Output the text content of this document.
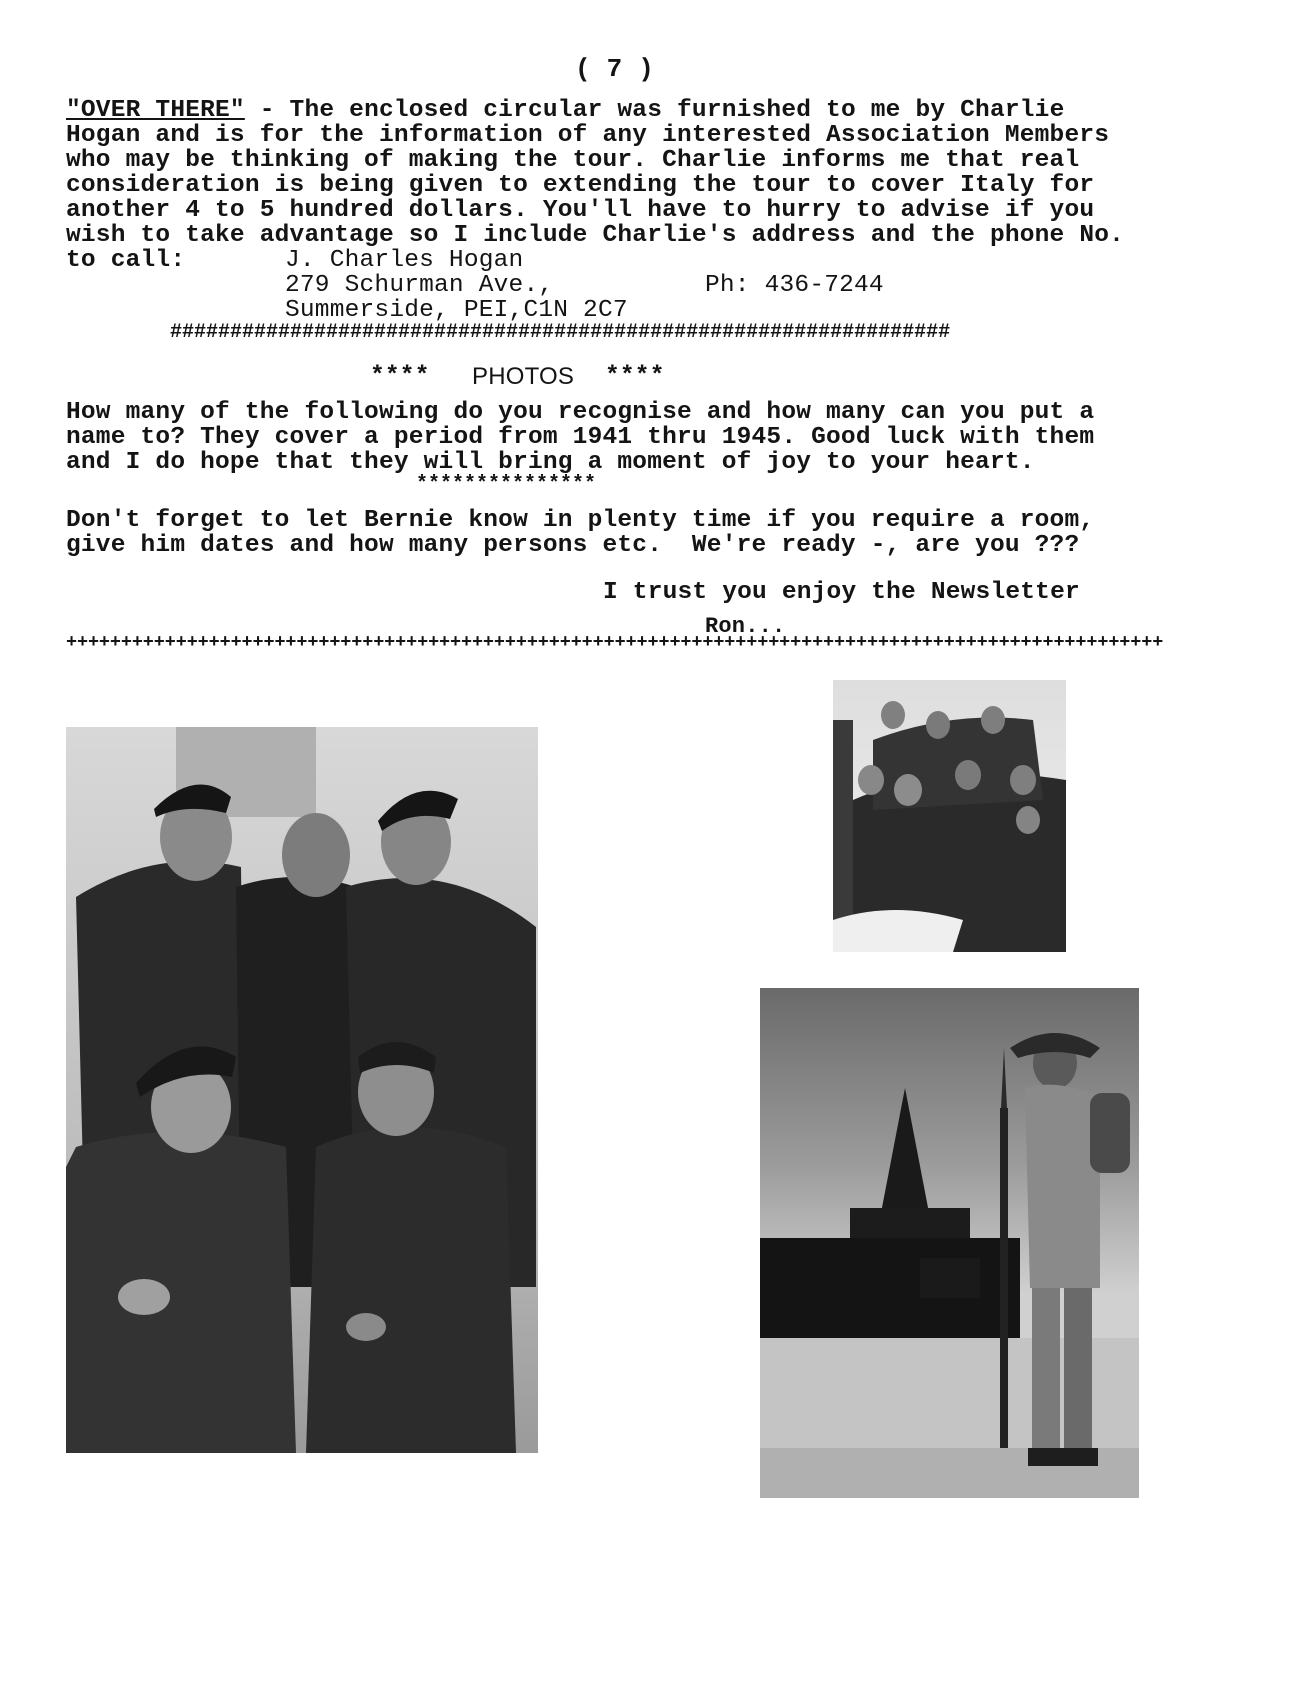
( 7 )
"OVER THERE" - The enclosed circular was furnished to me by Charlie
Hogan and is for the information of any interested Association Members
who may be thinking of making the tour. Charlie informs me that real
consideration is being given to extending the tour to cover Italy for
another 4 to 5 hundred dollars. You'll have to hurry to advise if you
wish to take advantage so I include Charlie's address and the phone No.
to call:	J. Charles Hogan
279 Schurman Ave.,	Ph: 436-7244
Summerside, PEI,C1N 2C7
#################################################################
**** PHOTOS ****
How many of the following do you recognise and how many can you put a
name to? They cover a period from 1941 thru 1945. Good luck with them
and I do hope that they will bring a moment of joy to your heart.
***************
Don't forget to let Bernie know in plenty time if you require a room,
give him dates and how many persons etc.  We're ready -, are you ???
I trust you enjoy the Newsletter
Ron...
++++++++++++++++++++++++++++++++++++++++++++++++++++++++++++++++++++++++++++++++++++++++++++++++++++
